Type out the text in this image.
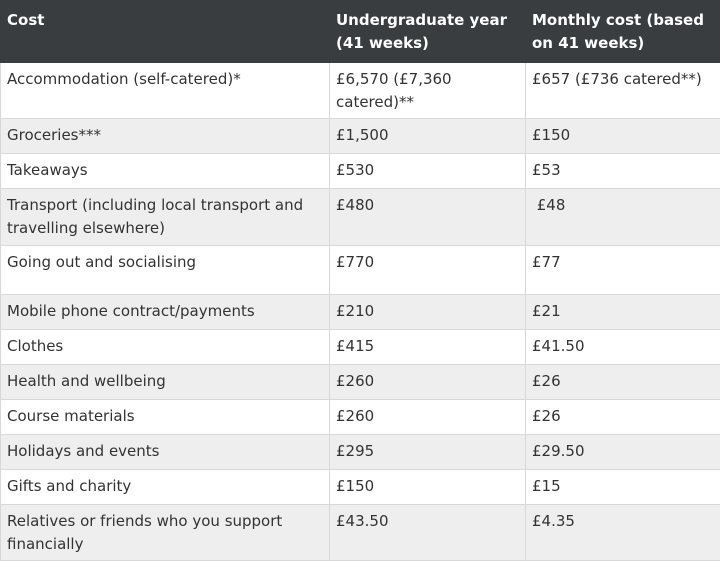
Cost	Undergraduate year (41 weeks)	Monthly cost (based on 41 weeks)
Accommodation (self-catered)*	£6,570 (£7,360 catered)**	£657 (£736 catered**)
Groceries***	£1,500	£150
Takeaways	£530	£53
Transport (including local transport and travelling elsewhere)	£480	£48
Going out and socialising	£770	£77
Mobile phone contract/payments	£210	£21
Clothes	£415	£41.50
Health and wellbeing	£260	£26
Course materials	£260	£26
Holidays and events	£295	£29.50
Gifts and charity	£150	£15
Relatives or friends who you support financially	£43.50	£4.35
